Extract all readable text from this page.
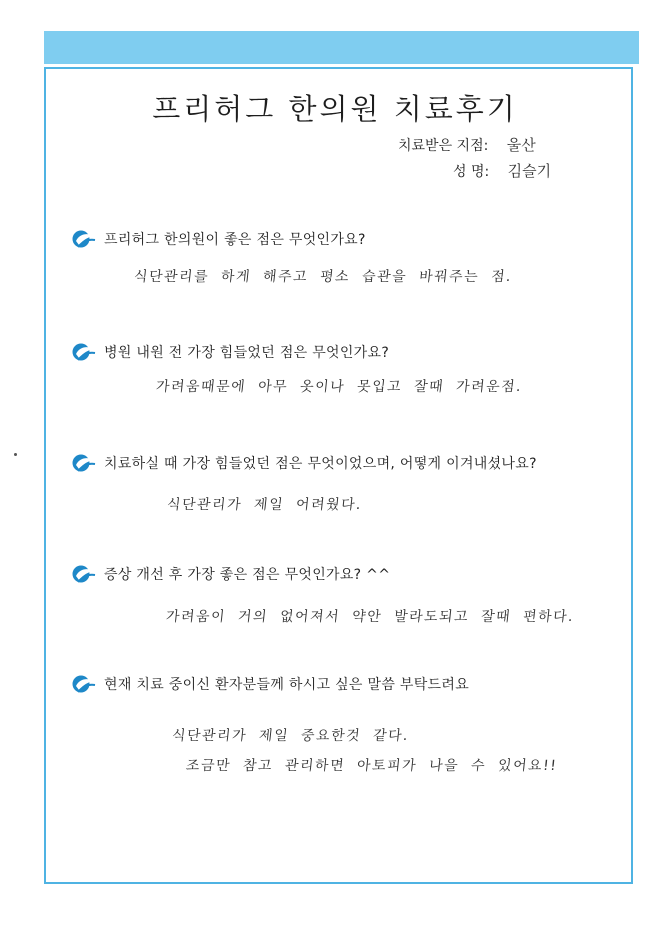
프리허그 한의원 치료후기
치료받은 지점: 울산
성 명: 김슬기
프리허그 한의원이 좋은 점은 무엇인가요?
식단관리를 하게 해주고 평소 습관을 바꿔주는 점.
병원 내원 전 가장 힘들었던 점은 무엇인가요?
가려움때문에 아무 옷이나 못입고 잘때 가려운점.
치료하실 때 가장 힘들었던 점은 무엇이었으며, 어떻게 이겨내셨나요?
식단관리가 제일 어려웠다.
증상 개선 후 가장 좋은 점은 무엇인가요? ^^
가려움이 거의 없어져서 약안 발라도되고 잘때 편하다.
현재 치료 중이신 환자분들께 하시고 싶은 말씀 부탁드려요
식단관리가 제일 중요한것 같다.
조금만 참고 관리하면 아토피가 나을 수 있어요!!
